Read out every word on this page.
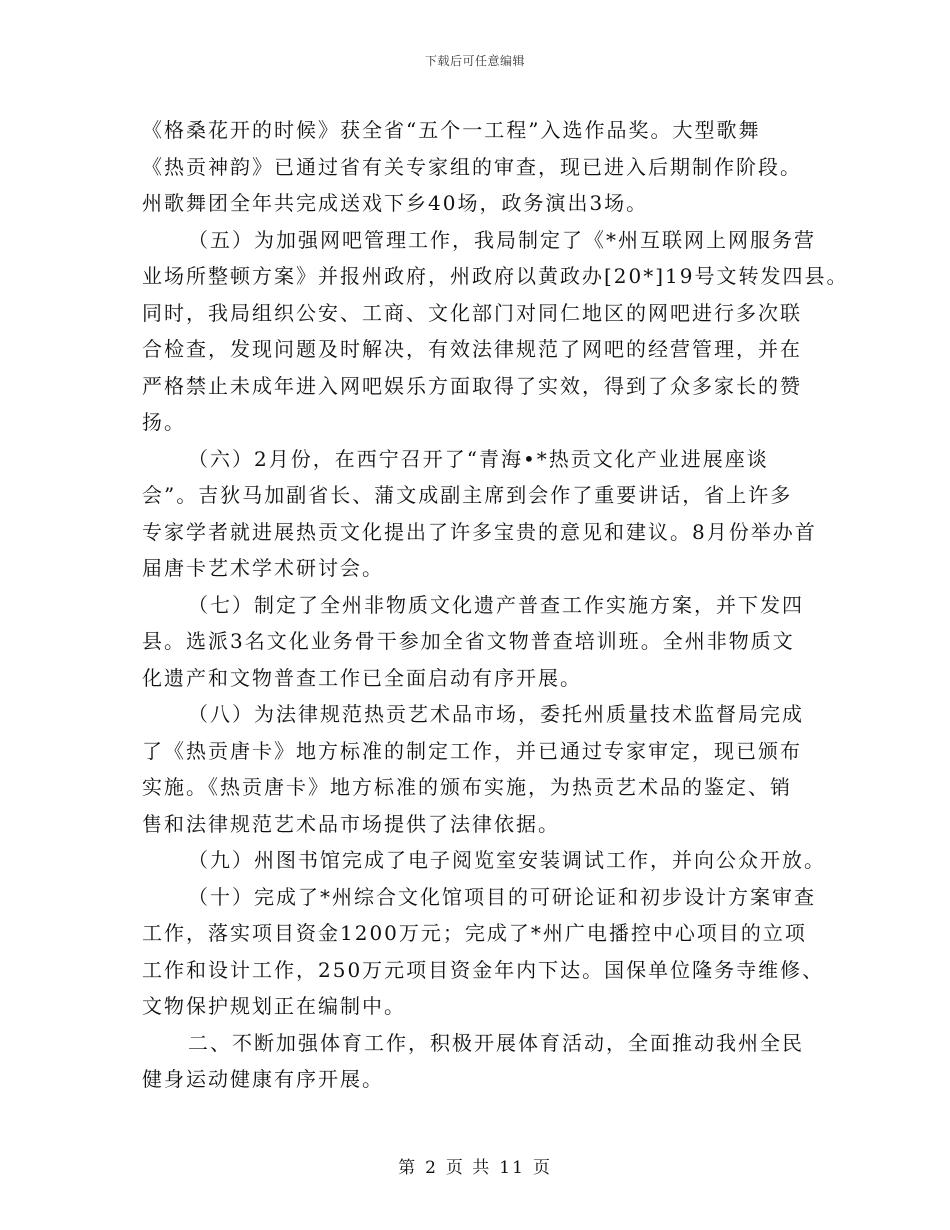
下载后可任意编辑
《格桑花开的时候》获全省“五个一工程”入选作品奖。大型歌舞
《热贡神韵》已通过省有关专家组的审查，现已进入后期制作阶段。
州歌舞团全年共完成送戏下乡40场，政务演出3场。
（五）为加强网吧管理工作，我局制定了《*州互联网上网服务营
业场所整顿方案》并报州政府，州政府以黄政办[20*]19号文转发四县。
同时，我局组织公安、工商、文化部门对同仁地区的网吧进行多次联
合检查，发现问题及时解决，有效法律规范了网吧的经营管理，并在
严格禁止未成年进入网吧娱乐方面取得了实效，得到了众多家长的赞
扬。
（六）2月份，在西宁召开了“青海•*热贡文化产业进展座谈
会”。吉狄马加副省长、蒲文成副主席到会作了重要讲话，省上许多
专家学者就进展热贡文化提出了许多宝贵的意见和建议。8月份举办首
届唐卡艺术学术研讨会。
（七）制定了全州非物质文化遗产普查工作实施方案，并下发四
县。选派3名文化业务骨干参加全省文物普查培训班。全州非物质文
化遗产和文物普查工作已全面启动有序开展。
（八）为法律规范热贡艺术品市场，委托州质量技术监督局完成
了《热贡唐卡》地方标准的制定工作，并已通过专家审定，现已颁布
实施。《热贡唐卡》地方标准的颁布实施，为热贡艺术品的鉴定、销
售和法律规范艺术品市场提供了法律依据。
（九）州图书馆完成了电子阅览室安装调试工作，并向公众开放。
（十）完成了*州综合文化馆项目的可研论证和初步设计方案审查
工作，落实项目资金1200万元；完成了*州广电播控中心项目的立项
工作和设计工作，250万元项目资金年内下达。国保单位隆务寺维修、
文物保护规划正在编制中。
二、不断加强体育工作，积极开展体育活动，全面推动我州全民
健身运动健康有序开展。
第 2 页 共 11 页
